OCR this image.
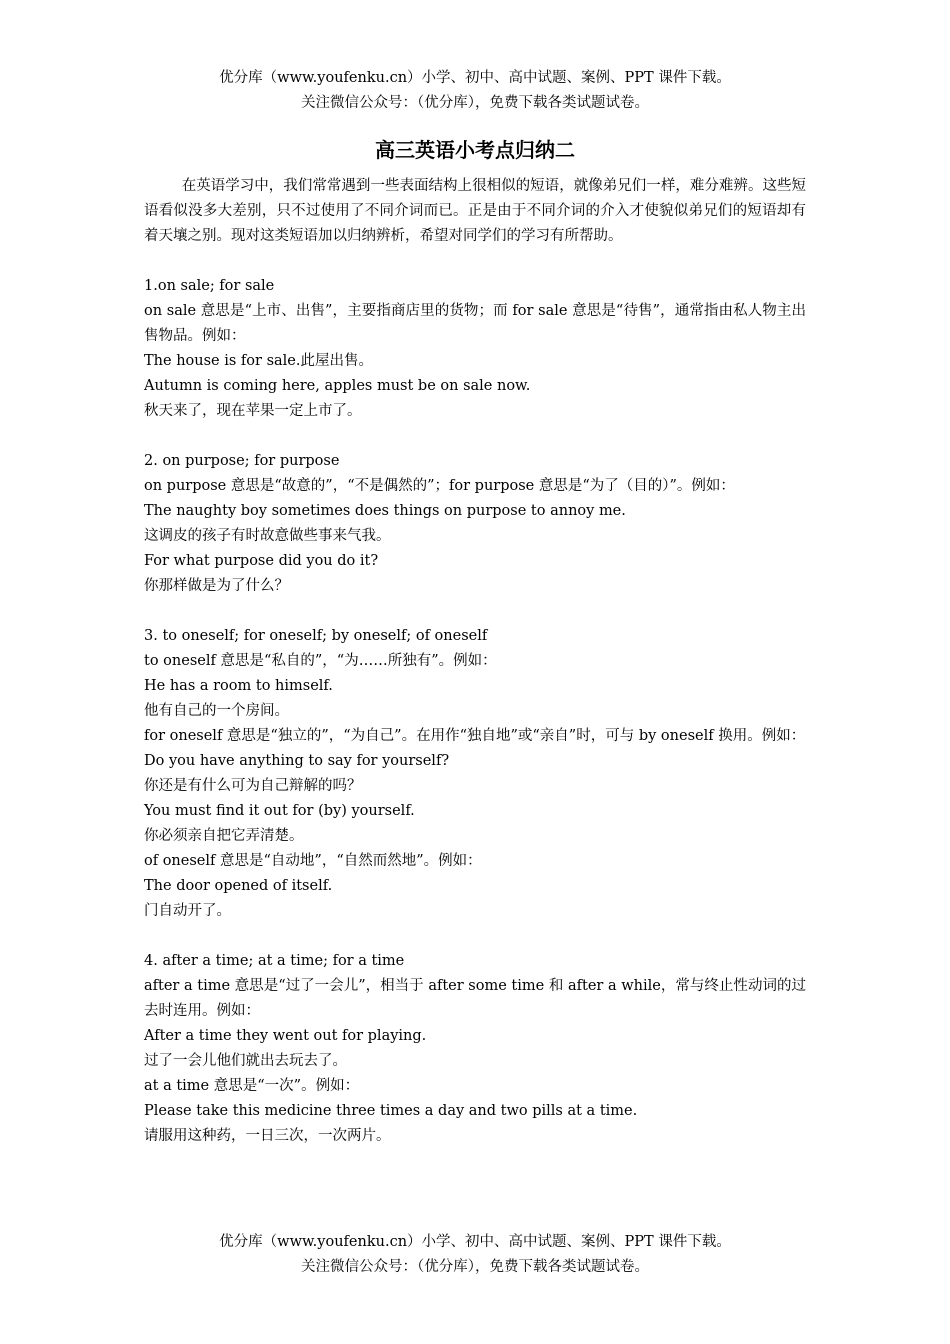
优分库（www.youfenku.cn）小学、初中、高中试题、案例、PPT 课件下载。
关注微信公众号：（优分库），免费下载各类试题试卷。
高三英语小考点归纳二

在英语学习中，我们常常遇到一些表面结构上很相似的短语，就像弟兄们一样，难分难辨。这些短语看似没多大差别，只不过使用了不同介词而已。正是由于不同介词的介入才使貌似弟兄们的短语却有着天壤之别。现对这类短语加以归纳辨析，希望对同学们的学习有所帮助。

1.on sale; for sale
on sale 意思是“上市、出售”，主要指商店里的货物；而 for sale 意思是“待售”，通常指由私人物主出售物品。例如：
The house is for sale.此屋出售。
Autumn is coming here, apples must be on sale now.
秋天来了，现在苹果一定上市了。
2. on purpose; for purpose
on purpose 意思是“故意的”，“不是偶然的”；for purpose 意思是“为了（目的）”。例如：
The naughty boy sometimes does things on purpose to annoy me.
这调皮的孩子有时故意做些事来气我。
For what purpose did you do it?
你那样做是为了什么？
3. to oneself; for oneself; by oneself; of oneself
to oneself 意思是“私自的”，“为……所独有”。例如：
He has a room to himself.
他有自己的一个房间。
for oneself 意思是“独立的”，“为自己”。在用作“独自地”或“亲自”时，可与 by oneself 换用。例如：
Do you have anything to say for yourself?
你还是有什么可为自己辩解的吗？
You must find it out for (by) yourself.
你必须亲自把它弄清楚。
of oneself 意思是“自动地”，“自然而然地”。例如：
The door opened of itself.
门自动开了。
4. after a time; at a time; for a time
after a time 意思是“过了一会儿”，相当于 after some time 和 after a while，常与终止性动词的过去时连用。例如：
After a time they went out for playing.
过了一会儿他们就出去玩去了。
at a time 意思是“一次”。例如：
Please take this medicine three times a day and two pills at a time.
请服用这种药，一日三次，一次两片。
优分库（www.youfenku.cn）小学、初中、高中试题、案例、PPT 课件下载。
关注微信公众号：（优分库），免费下载各类试题试卷。
